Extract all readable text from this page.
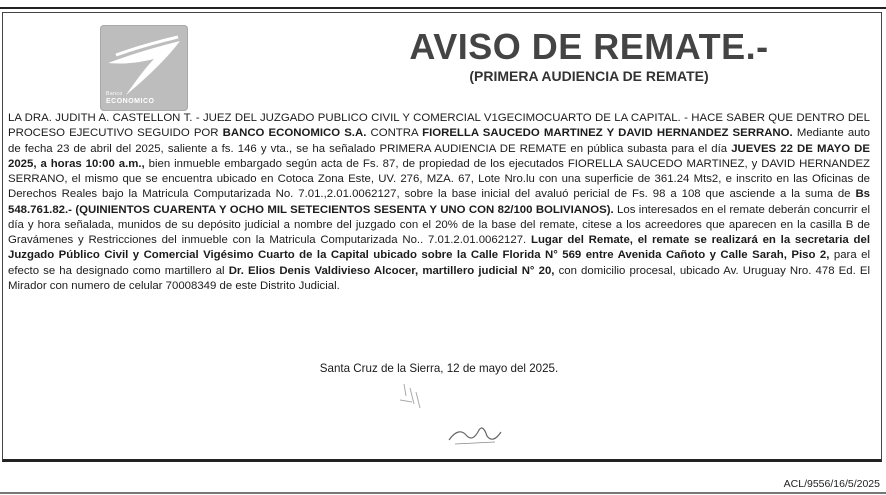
Banco
ECONOMICO
AVISO DE REMATE.-
(PRIMERA AUDIENCIA DE REMATE)
LA DRA. JUDITH A. CASTELLON T. - JUEZ DEL JUZGADO PUBLICO CIVIL Y COMERCIAL V1GECIMOCUARTO DE LA CAPITAL. - HACE SABER QUE DENTRO DEL PROCESO EJECUTIVO SEGUIDO POR BANCO ECONOMICO S.A. CONTRA FIORELLA SAUCEDO MARTINEZ Y DAVID HERNANDEZ SERRANO. Mediante auto de fecha 23 de abril del 2025, saliente a fs. 146 y vta., se ha señalado PRIMERA AUDIENCIA DE REMATE en pública subasta para el día JUEVES 22 DE MAYO DE 2025, a horas 10:00 a.m., bien inmueble embargado según acta de Fs. 87, de propiedad de los ejecutados FIORELLA SAUCEDO MARTINEZ, y DAVID HERNANDEZ SERRANO, el mismo que se encuentra ubicado en Cotoca Zona Este, UV. 276, MZA. 67, Lote Nro.lu con una superficie de 361.24 Mts2, e inscrito en las Oficinas de Derechos Reales bajo la Matricula Computarizada No. 7.01.,2.01.0062127, sobre la base inicial del avaluó pericial de Fs. 98 a 108 que asciende a la suma de Bs 548.761.82.- (QUINIENTOS CUARENTA Y OCHO MIL SETECIENTOS SESENTA Y UNO CON 82/100 BOLIVIANOS). Los interesados en el remate deberán concurrir el día y hora señalada, munidos de su depósito judicial a nombre del juzgado con el 20% de la base del remate, citese a los acreedores que aparecen en la casilla B de Gravámenes y Restricciones del inmueble con la Matricula Computarizada No.. 7.01.2.01.0062127. Lugar del Remate, el remate se realizará en la secretaria del Juzgado Público Civil y Comercial Vigésimo Cuarto de la Capital ubicado sobre la Calle Florida N° 569 entre Avenida Cañoto y Calle Sarah, Piso 2, para el efecto se ha designado como martillero al Dr. Elios Denis Valdivieso Alcocer, martillero judicial N° 20, con domicilio procesal, ubicado Av. Uruguay Nro. 478 Ed. El Mirador con numero de celular 70008349 de este Distrito Judicial.
Santa Cruz de la Sierra, 12 de mayo del 2025.
ACL/9556/16/5/2025
